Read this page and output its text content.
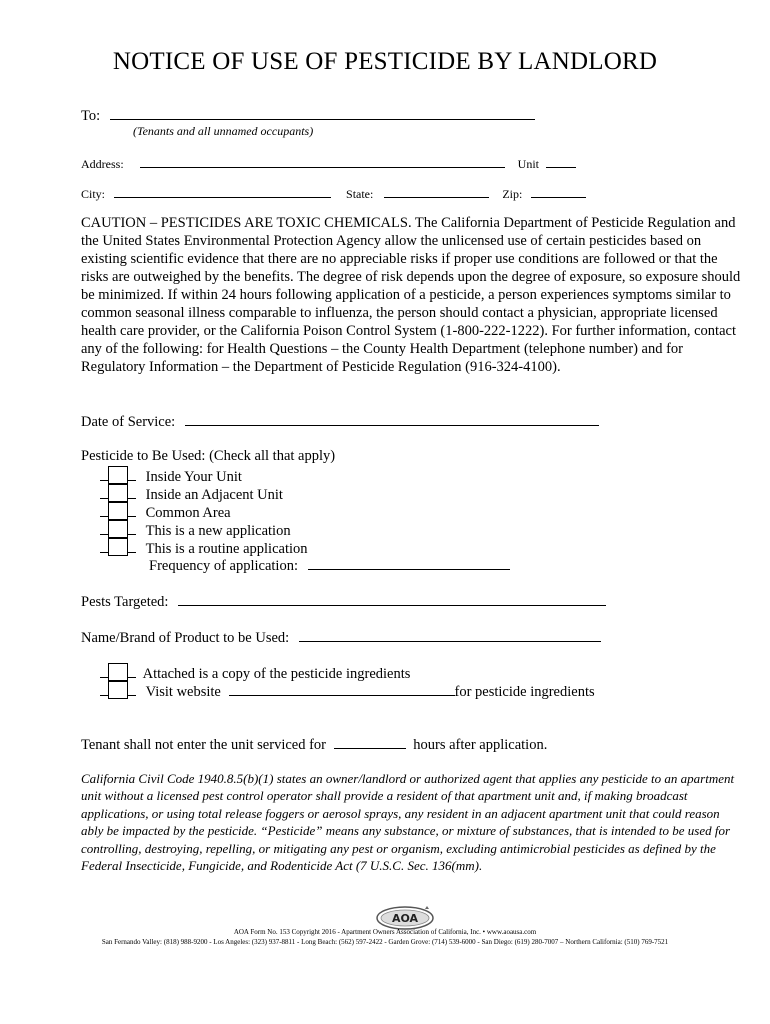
NOTICE OF USE OF PESTICIDE BY LANDLORD
To:
(Tenants and all unnamed occupants)
Address:	Unit
City:	State:	Zip:

CAUTION – PESTICIDES ARE TOXIC CHEMICALS. The California Department of Pesticide Regulation and the United States Environmental Protection Agency allow the unlicensed use of certain pesticides based on existing scientific evidence that there are no appreciable risks if proper use conditions are followed or that the risks are outweighed by the benefits. The degree of risk depends upon the degree of exposure, so exposure should be minimized. If within 24 hours following application of a pesticide, a person experiences symptoms similar to common seasonal illness comparable to influenza, the person should contact a physician, appropriate licensed health care provider, or the California Poison Control System (1-800-222-1222). For further information, contact any of the following: for Health Questions – the County Health Department (telephone number) and for Regulatory Information – the Department of Pesticide Regulation (916-324-4100).

Date of Service:
Pesticide to Be Used: (Check all that apply)
Inside Your Unit
Inside an Adjacent Unit
Common Area
This is a new application
This is a routine application
Frequency of application:
Pests Targeted:
Name/Brand of Product to be Used:
Attached is a copy of the pesticide ingredients
Visit website	for pesticide ingredients
Tenant shall not enter the unit serviced for	hours after application.

California Civil Code 1940.8.5(b)(1) states an owner/landlord or authorized agent that applies any pesticide to an apartment unit without a licensed pest control operator shall provide a resident of that apartment unit and, if making broadcast applications, or using total release foggers or aerosol sprays, any resident in an adjacent apartment unit that could reason ably be impacted by the pesticide. “Pesticide” means any substance, or mixture of substances, that is intended to be used for controlling, destroying, repelling, or mitigating any pest or organism, excluding antimicrobial pesticides as defined by the Federal Insecticide, Fungicide, and Rodenticide Act (7 U.S.C. Sec. 136(mm).

AOA
AOA Form No. 153 Copyright 2016 - Apartment Owners Association of California, Inc. • www.aoausa.com
San Fernando Valley: (818) 988-9200 - Los Angeles: (323) 937-8811 - Long Beach: (562) 597-2422 - Garden Grove: (714) 539-6000 - San Diego: (619) 280-7007 – Northern California: (510) 769-7521
